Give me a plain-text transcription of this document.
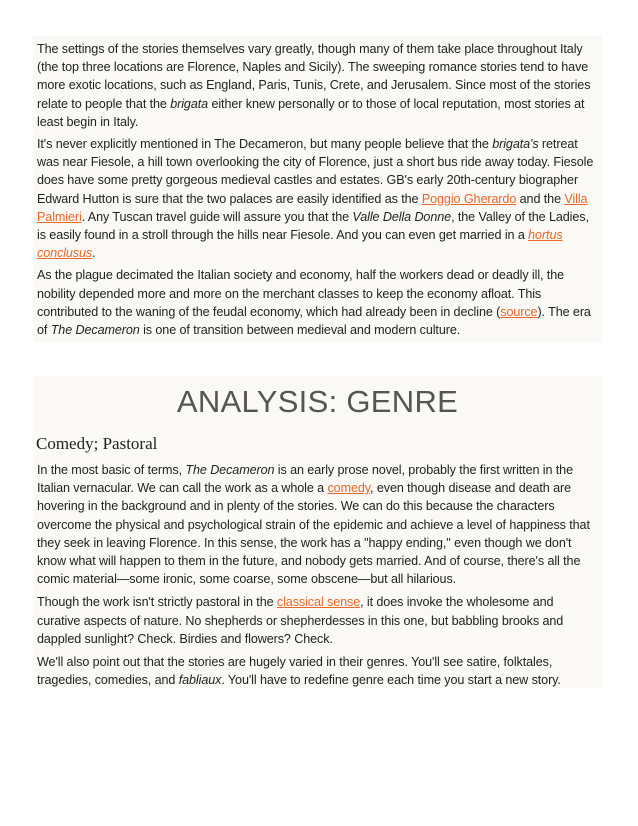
The settings of the stories themselves vary greatly, though many of them take place throughout Italy (the top three locations are Florence, Naples and Sicily). The sweeping romance stories tend to have more exotic locations, such as England, Paris, Tunis, Crete, and Jerusalem. Since most of the stories relate to people that the brigata either knew personally or to those of local reputation, most stories at least begin in Italy.

It's never explicitly mentioned in The Decameron, but many people believe that the brigata's retreat was near Fiesole, a hill town overlooking the city of Florence, just a short bus ride away today. Fiesole does have some pretty gorgeous medieval castles and estates. GB's early 20th-century biographer Edward Hutton is sure that the two palaces are easily identified as the Poggio Gherardo and the Villa Palmieri. Any Tuscan travel guide will assure you that the Valle Della Donne, the Valley of the Ladies, is easily found in a stroll through the hills near Fiesole. And you can even get married in a hortus conclusus.

As the plague decimated the Italian society and economy, half the workers dead or deadly ill, the nobility depended more and more on the merchant classes to keep the economy afloat. This contributed to the waning of the feudal economy, which had already been in decline (source). The era of The Decameron is one of transition between medieval and modern culture.

ANALYSIS: GENRE
Comedy; Pastoral

In the most basic of terms, The Decameron is an early prose novel, probably the first written in the Italian vernacular. We can call the work as a whole a comedy, even though disease and death are hovering in the background and in plenty of the stories. We can do this because the characters overcome the physical and psychological strain of the epidemic and achieve a level of happiness that they seek in leaving Florence. In this sense, the work has a "happy ending," even though we don't know what will happen to them in the future, and nobody gets married. And of course, there's all the comic material—some ironic, some coarse, some obscene—but all hilarious.

Though the work isn't strictly pastoral in the classical sense, it does invoke the wholesome and curative aspects of nature. No shepherds or shepherdesses in this one, but babbling brooks and dappled sunlight? Check. Birdies and flowers? Check.

We'll also point out that the stories are hugely varied in their genres. You'll see satire, folktales, tragedies, comedies, and fabliaux. You'll have to redefine genre each time you start a new story.
